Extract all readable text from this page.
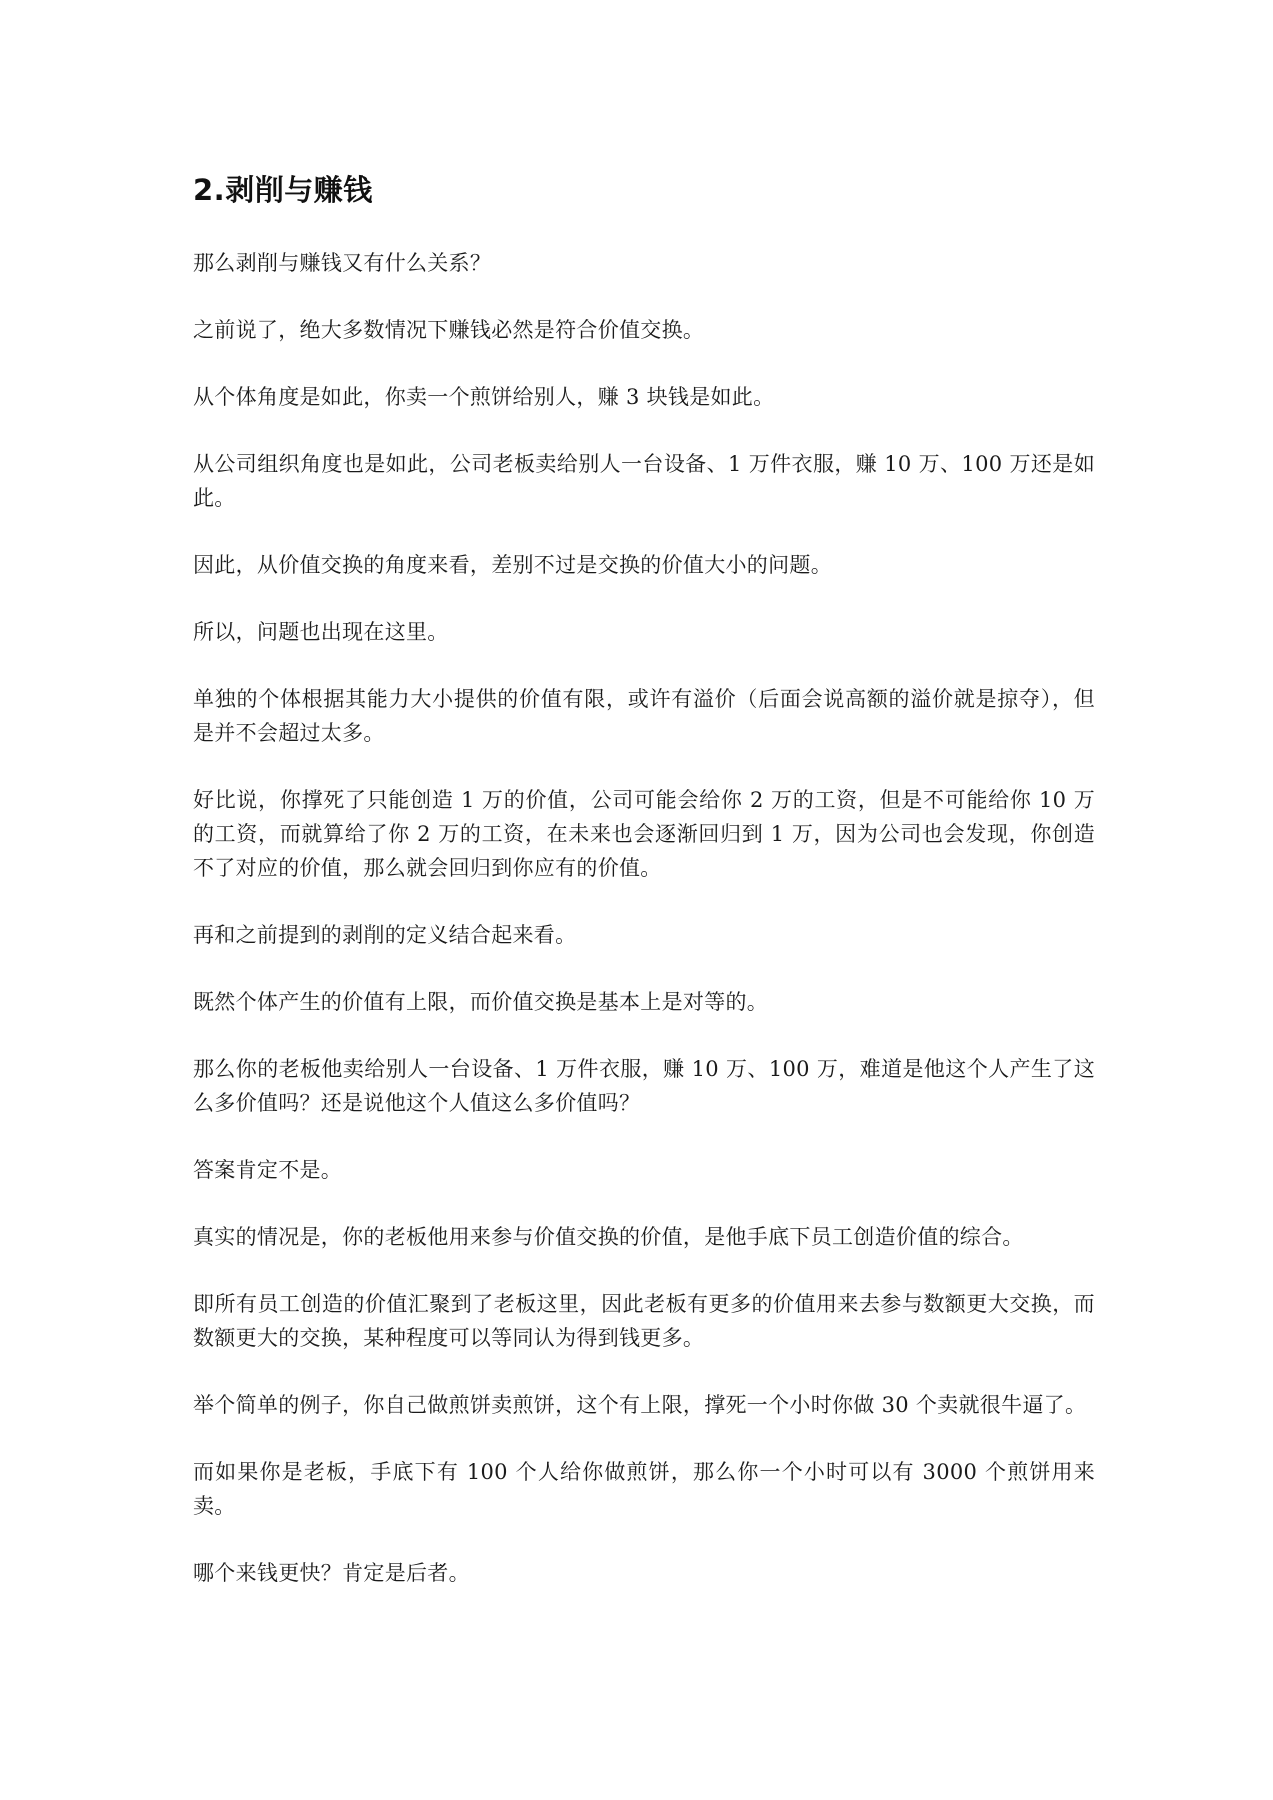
2.剥削与赚钱

那么剥削与赚钱又有什么关系？

之前说了，绝大多数情况下赚钱必然是符合价值交换。

从个体角度是如此，你卖一个煎饼给别人，赚 3 块钱是如此。

从公司组织角度也是如此，公司老板卖给别人一台设备、1 万件衣服，赚 10 万、100 万还是如此。

因此，从价值交换的角度来看，差别不过是交换的价值大小的问题。

所以，问题也出现在这里。

单独的个体根据其能力大小提供的价值有限，或许有溢价（后面会说高额的溢价就是掠夺），但是并不会超过太多。

好比说，你撑死了只能创造 1 万的价值，公司可能会给你 2 万的工资，但是不可能给你 10 万的工资，而就算给了你 2 万的工资，在未来也会逐渐回归到 1 万，因为公司也会发现，你创造不了对应的价值，那么就会回归到你应有的价值。

再和之前提到的剥削的定义结合起来看。

既然个体产生的价值有上限，而价值交换是基本上是对等的。

那么你的老板他卖给别人一台设备、1 万件衣服，赚 10 万、100 万，难道是他这个人产生了这么多价值吗？还是说他这个人值这么多价值吗？

答案肯定不是。

真实的情况是，你的老板他用来参与价值交换的价值，是他手底下员工创造价值的综合。

即所有员工创造的价值汇聚到了老板这里，因此老板有更多的价值用来去参与数额更大交换，而数额更大的交换，某种程度可以等同认为得到钱更多。

举个简单的例子，你自己做煎饼卖煎饼，这个有上限，撑死一个小时你做 30 个卖就很牛逼了。

而如果你是老板，手底下有 100 个人给你做煎饼，那么你一个小时可以有 3000 个煎饼用来卖。

哪个来钱更快？肯定是后者。
